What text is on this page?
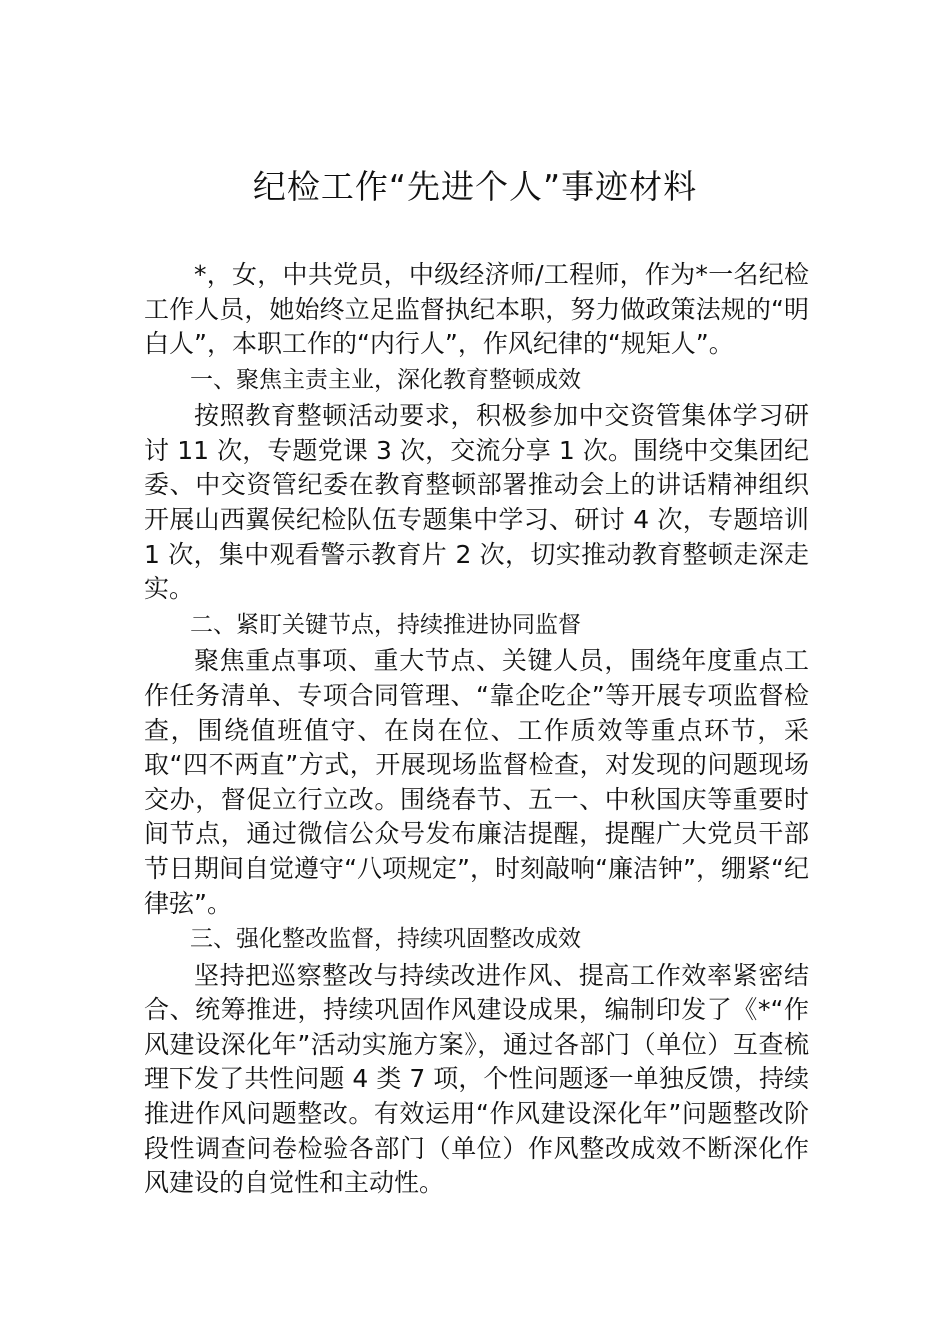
纪检工作“先进个人”事迹材料

*，女，中共党员，中级经济师/工程师，作为*一名纪检工作人员，她始终立足监督执纪本职，努力做政策法规的“明白人”，本职工作的“内行人”，作风纪律的“规矩人”。

一、聚焦主责主业，深化教育整顿成效

按照教育整顿活动要求，积极参加中交资管集体学习研讨 11 次，专题党课 3 次，交流分享 1 次。围绕中交集团纪委、中交资管纪委在教育整顿部署推动会上的讲话精神组织开展山西翼侯纪检队伍专题集中学习、研讨 4 次，专题培训 1 次，集中观看警示教育片 2 次，切实推动教育整顿走深走实。

二、紧盯关键节点，持续推进协同监督

聚焦重点事项、重大节点、关键人员，围绕年度重点工作任务清单、专项合同管理、“靠企吃企”等开展专项监督检查，围绕值班值守、在岗在位、工作质效等重点环节，采取“四不两直”方式，开展现场监督检查，对发现的问题现场交办，督促立行立改。围绕春节、五一、中秋国庆等重要时间节点，通过微信公众号发布廉洁提醒，提醒广大党员干部节日期间自觉遵守“八项规定”，时刻敲响“廉洁钟”，绷紧“纪律弦”。

三、强化整改监督，持续巩固整改成效

坚持把巡察整改与持续改进作风、提高工作效率紧密结合、统筹推进，持续巩固作风建设成果，编制印发了《*“作风建设深化年”活动实施方案》，通过各部门（单位）互查梳理下发了共性问题 4 类 7 项，个性问题逐一单独反馈，持续推进作风问题整改。有效运用“作风建设深化年”问题整改阶段性调查问卷检验各部门（单位）作风整改成效不断深化作风建设的自觉性和主动性。
